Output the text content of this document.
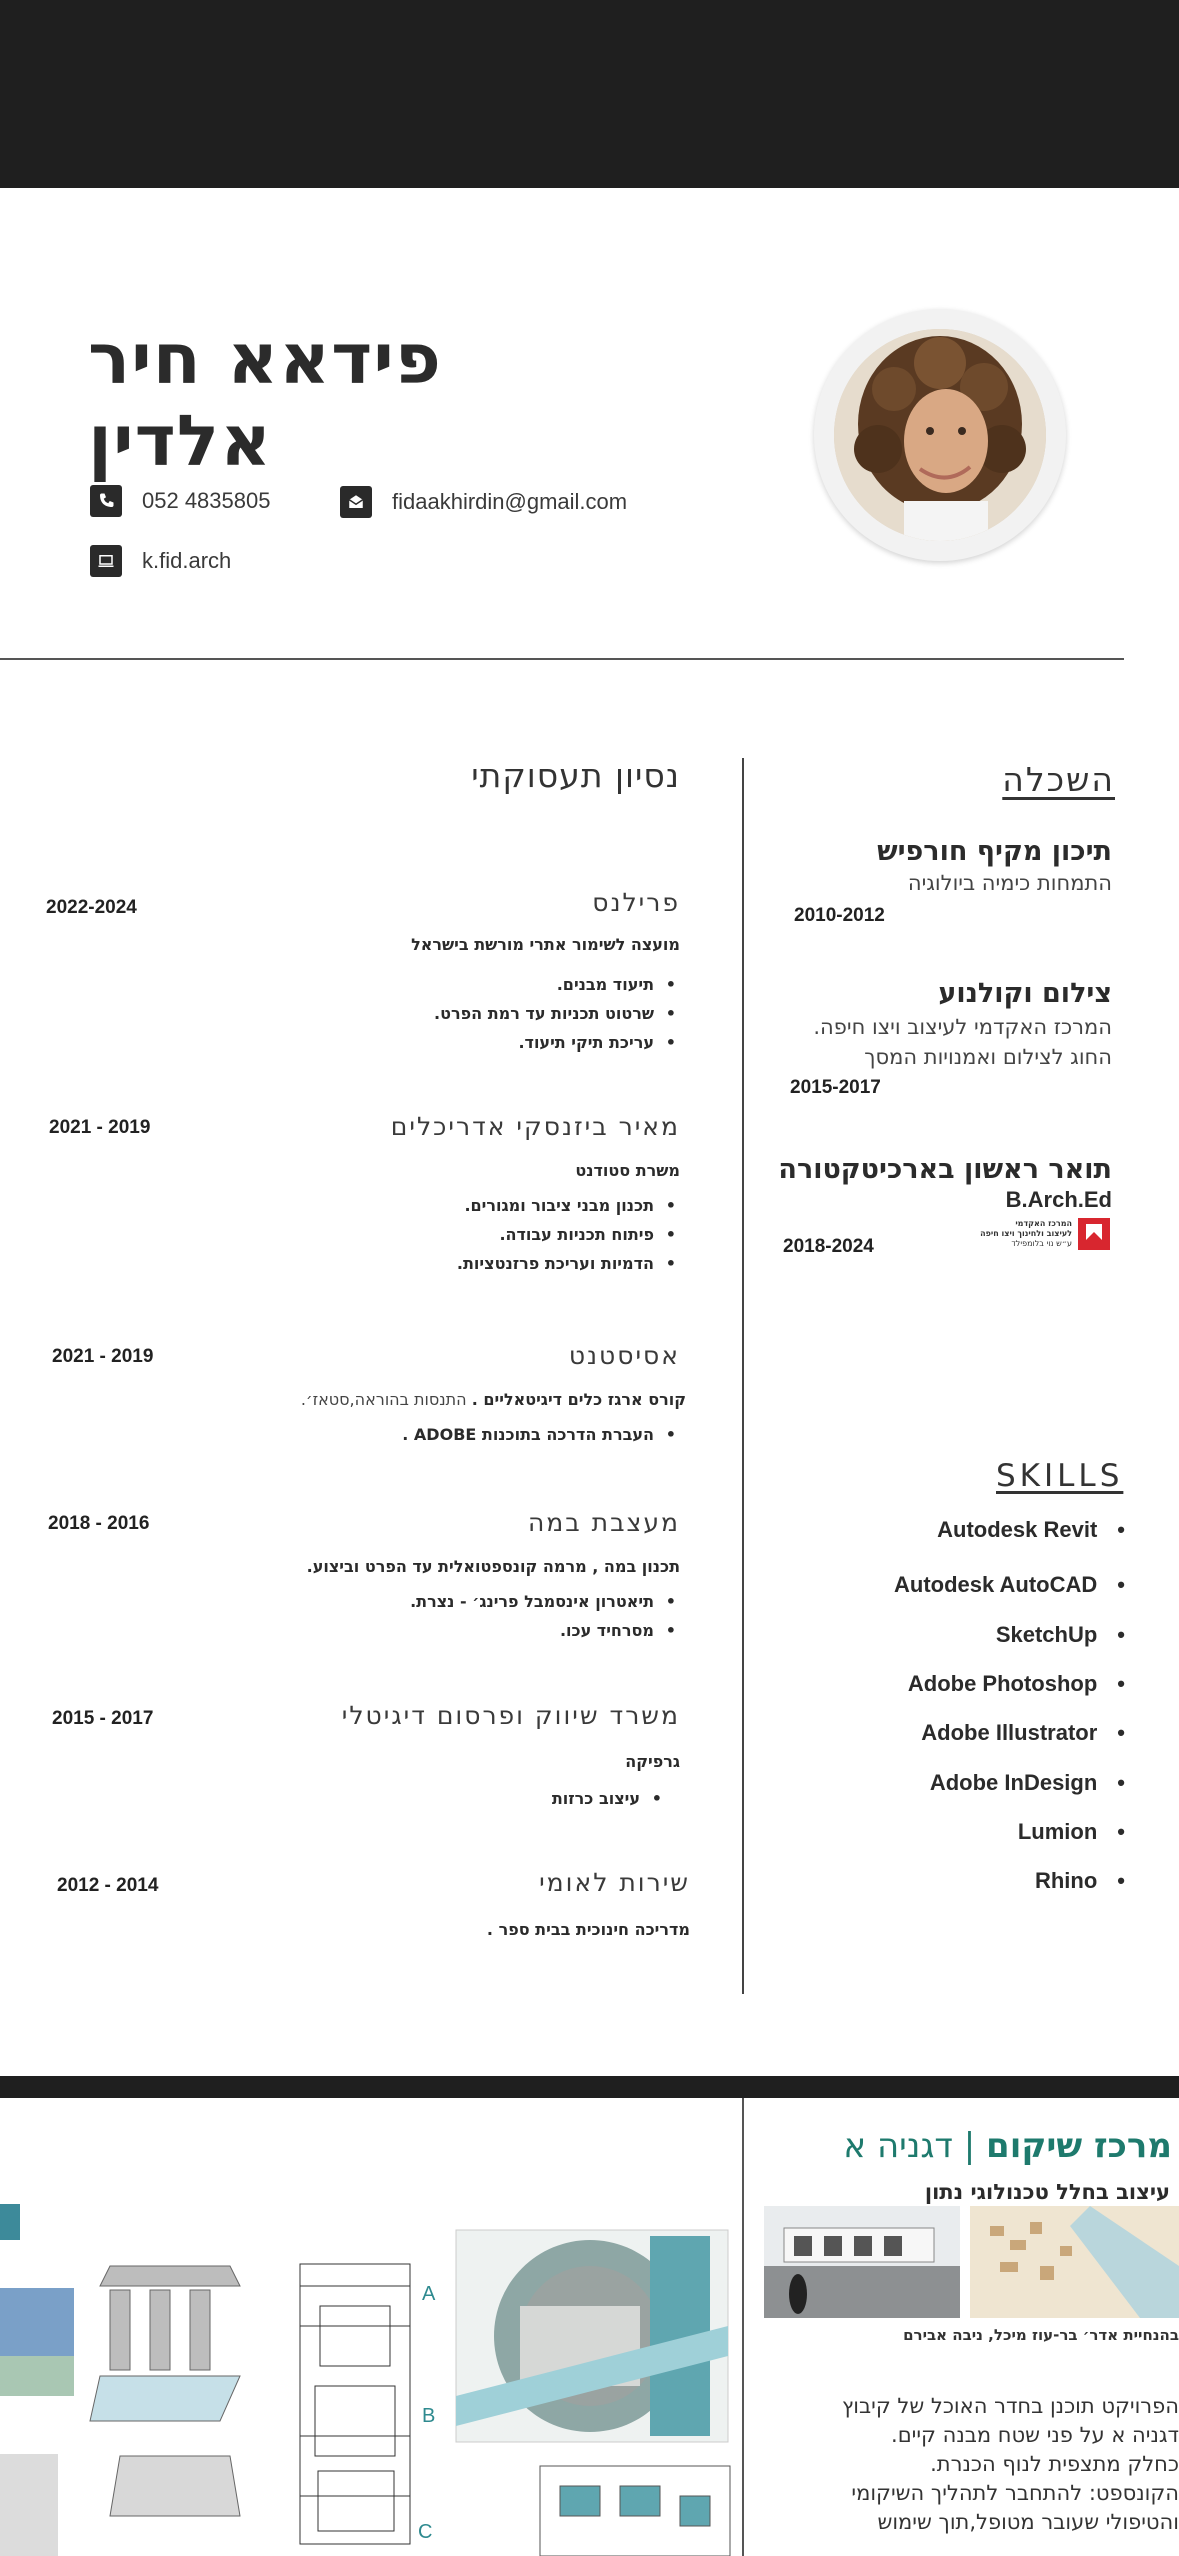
פידאא חיר אלדין
052 4835805	fidaakhirdin@gmail.com
k.fid.arch
השכלה
תיכון מקיף חורפיש
התמחות כימיה ביולוגיה
2010-2012
צילום וקולנוע
המרכז האקדמי לעיצוב ויצו חיפה.
החוג לצילום ואמנויות המסך
2015-2017
תואר ראשון בארכיטקטורה
B.Arch.Ed
המרכז האקדמי
לעיצוב ולחינוך ויצו חיפה
ע״ש נוי בלומפילד
2018-2024
נסיון תעסוקתי
פרילנס
2022-2024
מועצה לשימור אתרי מורשת בישראל
• תיעוד מבנים.
• שרטוט תכניות עד רמת הפרט.
• עריכת תיקי תיעוד.
מאיר ביזנסקי אדריכלים
2021 - 2019
משרת סטודנט
• תכנון מבני ציבור ומגורים.
• פיתוח תכניות עבודה.
• הדמיות ועריכת פרזנטציות.
אסיסטנט
2021 - 2019
קורס ארגז כלים דיגיטאליים . התנסות בהוראה,סטאז׳.
• העברת הדרכה בתוכנות ADOBE .
מעצבת במה
2018 - 2016
תכנון במה , מרמה קונספטואלית עד הפרט וביצוע.
• תיאטרון אינסמבל פרינג׳ - נצרת.
• מסרחיד עכו.
משרד שיווק ופרסום דיגיטלי
2015 - 2017
גרפיקה
• עיצוב כרזות
שירות לאומי
2012 - 2014
מדריכה חינוכית בבית ספר .
SKILLS
Autodesk Revit •
Autodesk AutoCAD •
SketchUp •
Adobe Photoshop •
Adobe Illustrator •
Adobe InDesign •
Lumion •
Rhino •
מרכז שיקום | דגניה א
עיצוב בחלל טכנולוגי נתון
בהנחיית אדר׳ בר-עוז מיכל, ניבה אבירם
הפרויקט תוכנן בחדר האוכל של קיבוץ
דגניה א על פני שטח מבנה קיים.
כחלק מתצפית לנוף הכנרת.
הקונספט: להתחבר לתהליך השיקומי
והטיפולי שעובר מטופל,תוך שימוש
A
B
C
